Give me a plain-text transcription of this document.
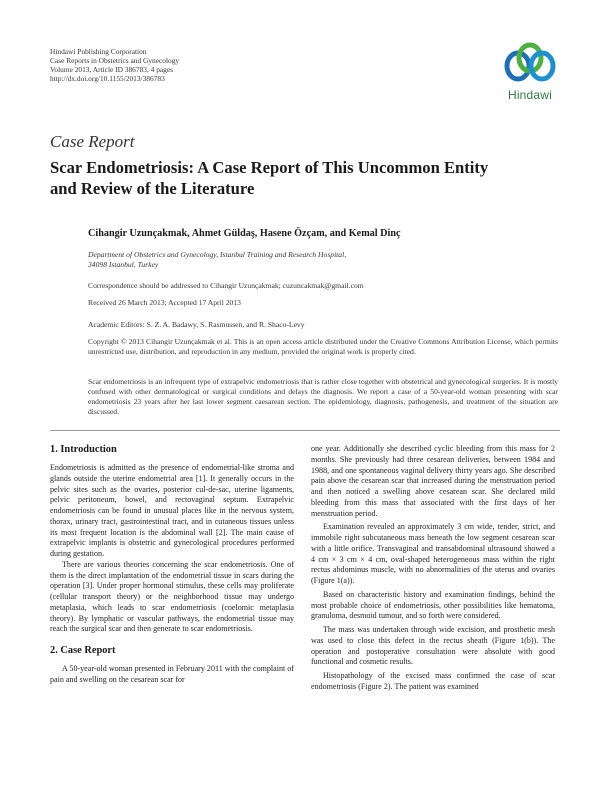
Hindawi Publishing Corporation
Case Reports in Obstetrics and Gynecology
Volume 2013, Article ID 386783, 4 pages
http://dx.doi.org/10.1155/2013/386783
Hindawi
Case Report
Scar Endometriosis: A Case Report of This Uncommon Entity
and Review of the Literature
Cihangir Uzunçakmak, Ahmet Güldaş, Hasene Özçam, and Kemal Dinç
Department of Obstetrics and Gynecology, Istanbul Training and Research Hospital,
34098 Istanbul, Turkey
Correspondence should be addressed to Cihangir Uzunçakmak; cuzuncakmak@gmail.com
Received 26 March 2013; Accepted 17 April 2013
Academic Editors: S. Z. A. Badawy, S. Rasmussen, and R. Shaco-Levy
Copyright © 2013 Cihangir Uzunçakmak et al. This is an open access article distributed under the Creative Commons Attribution License, which permits unrestricted use, distribution, and reproduction in any medium, provided the original work is properly cited.
Scar endometriosis is an infrequent type of extrapelvic endometriosis that is rather close together with obstetrical and gynecological surgeries. It is mostly confused with other dermatological or surgical conditions and delays the diagnosis. We report a case of a 50-year-old woman presenting with scar endometriosis 23 years after her last lower segment caesarean section. The epidemiology, diagnosis, pathogenesis, and treatment of the situation are discussed.
1. Introduction

Endometriosis is admitted as the presence of endometrial-like stroma and glands outside the uterine endometrial area [1]. It generally occurs in the pelvic sites such as the ovaries, posterior cul-de-sac, uterine ligaments, pelvic peritoneum, bowel, and rectovaginal septum. Extrapelvic endometriosis can be found in unusual places like in the nervous system, thorax, urinary tract, gastrointestinal tract, and in cutaneous tissues unless its most frequent location is the abdominal wall [2]. The main cause of extrapelvic implants is obstetric and gynecological procedures performed during gestation.

There are various theories concerning the scar endometriosis. One of them is the direct implantation of the endometrial tissue in scars during the operation [3]. Under proper hormonal stimulus, these cells may proliferate (cellular transport theory) or the neighborhood tissue may undergo metaplasia, which leads to scar endometriosis (coelomic metaplasia theory). By lymphatic or vascular pathways, the endometrial tissue may reach the surgical scar and then generate to scar endometriosis.

2. Case Report

A 50-year-old woman presented in February 2011 with the complaint of pain and swelling on the cesarean scar for

one year. Additionally she described cyclic bleeding from this mass for 2 months. She previously had three cesarean deliveries, between 1984 and 1988, and one spontaneous vaginal delivery thirty years ago. She described pain above the cesarean scar that increased during the menstruation period and then noticed a swelling above cesarean scar. She declared mild bleeding from this mass that associated with the first days of her menstruation period.

Examination revealed an approximately 3 cm wide, tender, strict, and immobile right subcutaneous mass beneath the low segment cesarean scar with a little orifice. Transvaginal and transabdominal ultrasound showed a 4 cm × 3 cm × 4 cm, oval-shaped heterogeneous mass within the right rectus abdominus muscle, with no abnormalities of the uterus and ovaries (Figure 1(a)).

Based on characteristic history and examination findings, behind the most probable choice of endometriosis, other possibilities like hematoma, granuloma, desmoid tumour, and so forth were considered.

The mass was undertaken through wide excision, and prosthetic mesh was used to close this defect in the rectus sheath (Figure 1(b)). The operation and postoperative consultation were absolute with good functional and cosmetic results.

Histopathology of the excised mass confirmed the case of scar endometriosis (Figure 2). The patient was examined
